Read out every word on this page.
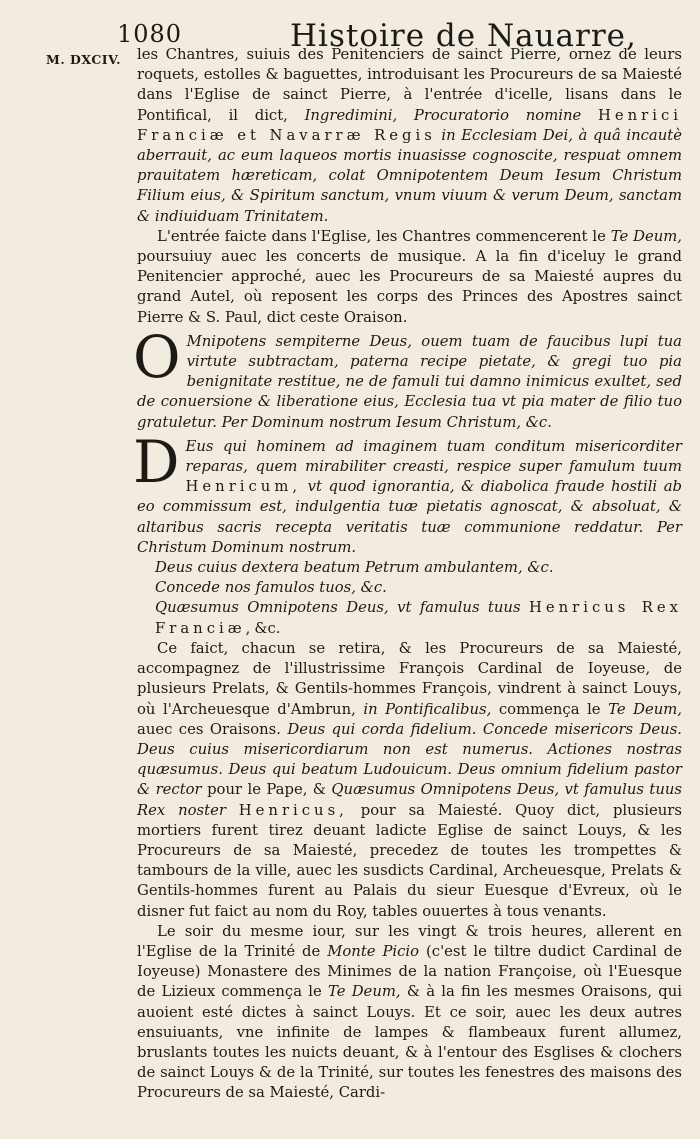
1080	Histoire de Nauarre,
M. DXCIV. les Chantres, suiuis des Penitenciers de sainct Pierre, ornez de leurs roquets, estolles & baguettes, introduisant les Procureurs de sa Maiesté dans l'Eglise de sainct Pierre, à l'entrée d'icelle, lisans dans le Pontifical, il dict, Ingredimini, Procuratorio nomine Henrici Franciæ et Navarræ Regis in Ecclesiam Dei, à quâ incautè aberrauit, ac eum laqueos mortis inuasisse cognoscite, respuat omnem prauitatem hæreticam, colat Omnipotentem Deum Iesum Christum Filium eius, & Spiritum sanctum, vnum viuum & verum Deum, sanctam & indiuiduam Trinitatem.

L'entrée faicte dans l'Eglise, les Chantres commencerent le Te Deum, poursuiuy auec les concerts de musique. A la fin d'iceluy le grand Penitencier approché, auec les Procureurs de sa Maiesté aupres du grand Autel, où reposent les corps des Princes des Apostres sainct Pierre & S. Paul, dict ceste Oraison.

O Mnipotens sempiterne Deus, ouem tuam de faucibus lupi tua virtute subtractam, paterna recipe pietate, & gregi tuo pia benignitate restitue, ne de famuli tui damno inimicus exultet, sed de conuersione & liberatione eius, Ecclesia tua vt pia mater de filio tuo gratuletur. Per Dominum nostrum Iesum Christum, &c.

D Eus qui hominem ad imaginem tuam conditum misericorditer reparas, quem mirabiliter creasti, respice super famulum tuum Henricum, vt quod ignorantia, & diabolica fraude hostili ab eo commissum est, indulgentia tuæ pietatis agnoscat, & absoluat, & altaribus sacris recepta veritatis tuæ communione reddatur. Per Christum Dominum nostrum.

Deus cuius dextera beatum Petrum ambulantem, &c.

Concede nos famulos tuos, &c.

Quæsumus Omnipotens Deus, vt famulus tuus Henricus Rex Franciæ,&c.

Ce faict, chacun se retira, & les Procureurs de sa Maiesté, accompagnez de l'illustrissime François Cardinal de Ioyeuse, de plusieurs Prelats, & Gentils-hommes François, vindrent à sainct Louys, où l'Archeuesque d'Ambrun, in Pontificalibus, commença le Te Deum, auec ces Oraisons. Deus qui corda fidelium. Concede misericors Deus. Deus cuius misericordiarum non est numerus. Actiones nostras quæsumus. Deus qui beatum Ludouicum. Deus omnium fidelium pastor & rector pour le Pape, & Quæsumus Omnipotens Deus, vt famulus tuus Rex noster Henricus, pour sa Maiesté. Quoy dict, plusieurs mortiers furent tirez deuant ladicte Eglise de sainct Louys, & les Procureurs de sa Maiesté, precedez de toutes les trompettes & tambours de la ville, auec les susdicts Cardinal, Archeuesque, Prelats & Gentils-hommes furent au Palais du sieur Euesque d'Evreux, où le disner fut faict au nom du Roy, tables ouuertes à tous venants.

Le soir du mesme iour, sur les vingt & trois heures, allerent en l'Eglise de la Trinité de Monte Picio (c'est le tiltre dudict Cardinal de Ioyeuse) Monastere des Minimes de la nation Françoise, où l'Euesque de Lizieux commença le Te Deum, & à la fin les mesmes Oraisons, qui auoient esté dictes à sainct Louys. Et ce soir, auec les deux autres ensuiuants, vne infinite de lampes & flambeaux furent allumez, bruslants toutes les nuicts deuant, & à l'entour des Esglises & clochers de sainct Louys & de la Trinité, sur toutes les fenestres des maisons des Procureurs de sa Maiesté, Cardi-
